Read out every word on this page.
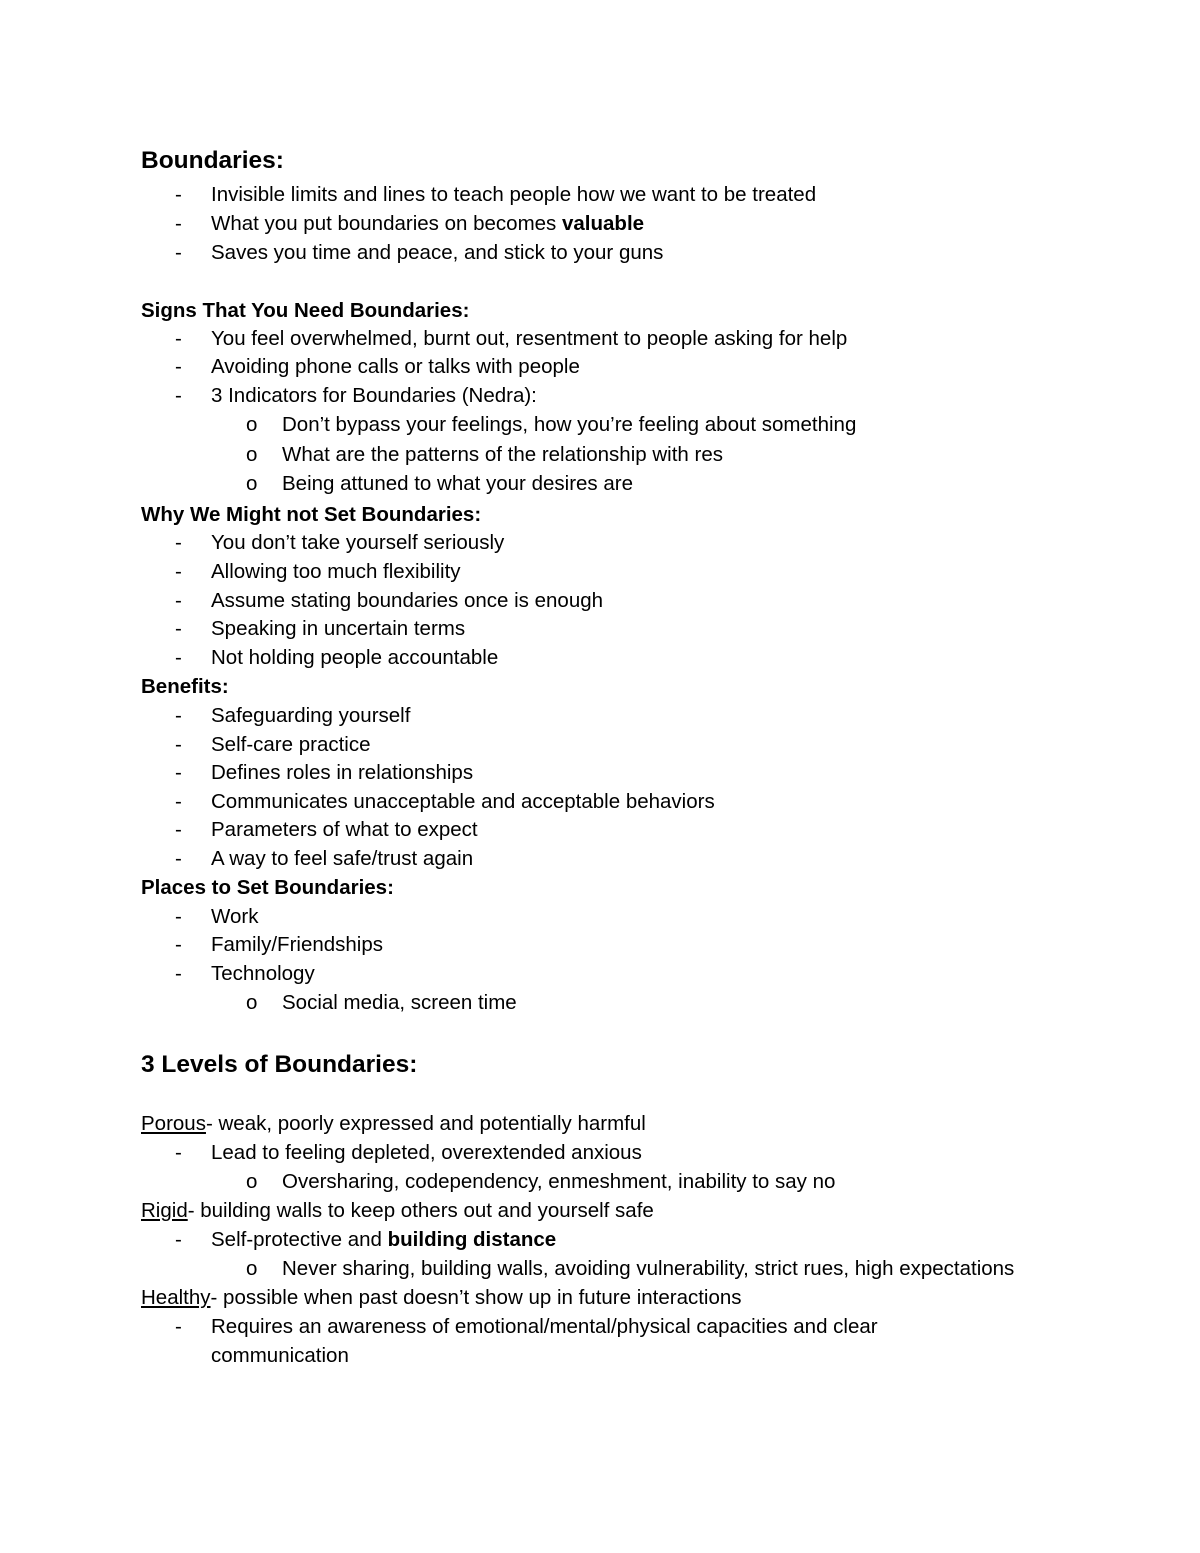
Boundaries:
- Invisible limits and lines to teach people how we want to be treated
- What you put boundaries on becomes valuable
- Saves you time and peace, and stick to your guns
Signs That You Need Boundaries:
- You feel overwhelmed, burnt out, resentment to people asking for help
- Avoiding phone calls or talks with people
- 3 Indicators for Boundaries (Nedra):
o Don’t bypass your feelings, how you’re feeling about something
o What are the patterns of the relationship with res
o Being attuned to what your desires are
Why We Might not Set Boundaries:
- You don’t take yourself seriously
- Allowing too much flexibility
- Assume stating boundaries once is enough
- Speaking in uncertain terms
- Not holding people accountable
Benefits:
- Safeguarding yourself
- Self-care practice
- Defines roles in relationships
- Communicates unacceptable and acceptable behaviors
- Parameters of what to expect
- A way to feel safe/trust again
Places to Set Boundaries:
- Work
- Family/Friendships
- Technology
o Social media, screen time
3 Levels of Boundaries:
Porous- weak, poorly expressed and potentially harmful
- Lead to feeling depleted, overextended anxious
o Oversharing, codependency, enmeshment, inability to say no
Rigid- building walls to keep others out and yourself safe
- Self-protective and building distance
o Never sharing, building walls, avoiding vulnerability, strict rues, high expectations
Healthy- possible when past doesn’t show up in future interactions
- Requires an awareness of emotional/mental/physical capacities and clear
communication
